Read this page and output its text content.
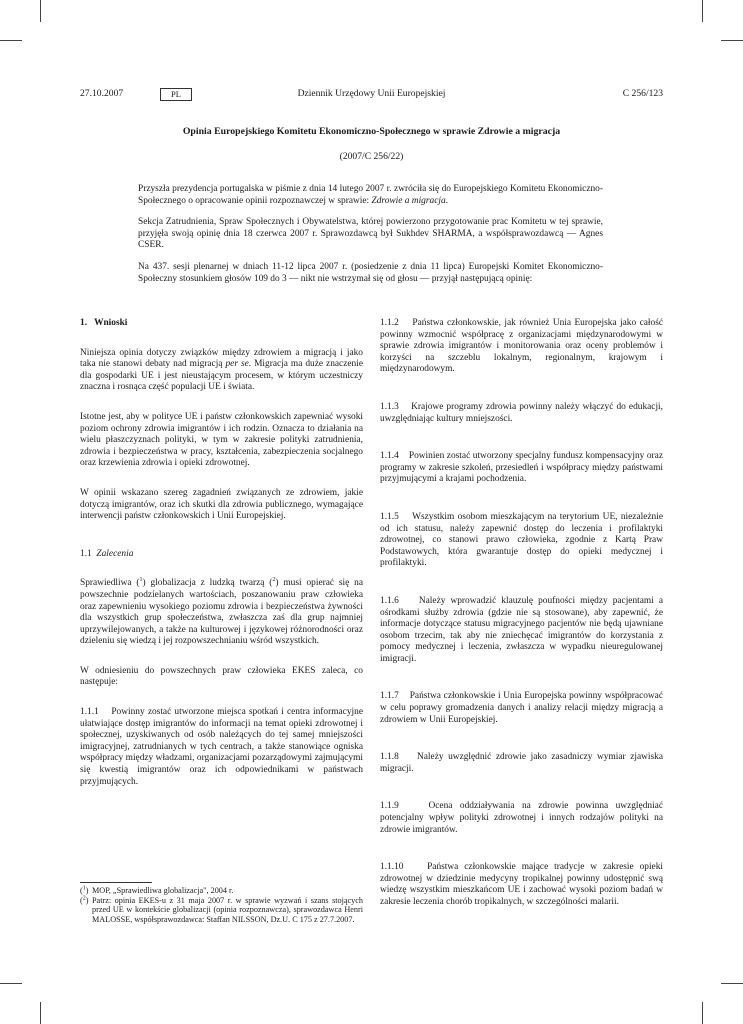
27.10.2007	PL	Dziennik Urzędowy Unii Europejskiej	C 256/123
Opinia Europejskiego Komitetu Ekonomiczno-Społecznego w sprawie Zdrowie a migracja
(2007/C 256/22)

Przyszła prezydencja portugalska w piśmie z dnia 14 lutego 2007 r. zwróciła się do Europejskiego Komitetu Ekonomiczno-Społecznego o opracowanie opinii rozpoznawczej w sprawie: Zdrowie a migracja.

Sekcja Zatrudnienia, Spraw Społecznych i Obywatelstwa, której powierzono przygotowanie prac Komitetu w tej sprawie, przyjęła swoją opinię dnia 18 czerwca 2007 r. Sprawozdawcą był Sukhdev SHARMA, a współsprawozdawcą — Agnes CSER.

Na 437. sesji plenarnej w dniach 11-12 lipca 2007 r. (posiedzenie z dnia 11 lipca) Europejski Komitet Ekonomiczno-Społeczny stosunkiem głosów 109 do 3 — nikt nie wstrzymał się od głosu — przyjął następującą opinię:

1. Wnioski

Niniejsza opinia dotyczy związków między zdrowiem a migracją i jako taka nie stanowi debaty nad migracją per se. Migracja ma duże znaczenie dla gospodarki UE i jest nieustającym procesem, w którym uczestniczy znaczna i rosnąca część populacji UE i świata.

Istotne jest, aby w polityce UE i państw członkowskich zapewniać wysoki poziom ochrony zdrowia imigrantów i ich rodzin. Oznacza to działania na wielu płaszczyznach polityki, w tym w zakresie polityki zatrudnienia, zdrowia i bezpieczeństwa w pracy, kształcenia, zabezpieczenia socjalnego oraz krzewienia zdrowia i opieki zdrowotnej.

W opinii wskazano szereg zagadnień związanych ze zdrowiem, jakie dotyczą imigrantów, oraz ich skutki dla zdrowia publicznego, wymagające interwencji państw członkowskich i Unii Europejskiej.

1.1 Zalecenia

Sprawiedliwa ($^1$) globalizacja z ludzką twarzą ($^2$) musi opierać się na powszechnie podzielanych wartościach, poszanowaniu praw człowieka oraz zapewnieniu wysokiego poziomu zdrowia i bezpieczeństwa żywności dla wszystkich grup społeczeństwa, zwłaszcza zaś dla grup najmniej uprzywilejowanych, a także na kulturowej i językowej różnorodności oraz dzieleniu się wiedzą i jej rozpowszechnianiu wśród wszystkich.

W odniesieniu do powszechnych praw człowieka EKES zaleca, co następuje:

1.1.1 Powinny zostać utworzone miejsca spotkań i centra informacyjne ułatwiające dostęp imigrantów do informacji na temat opieki zdrowotnej i społecznej, uzyskiwanych od osób należących do tej samej mniejszości imigracyjnej, zatrudnianych w tych centrach, a także stanowiące ogniska współpracy między władzami, organizacjami pozarządowymi zajmującymi się kwestią imigrantów oraz ich odpowiednikami w państwach przyjmujących.

($^1$) MOP, „Sprawiedliwa globalizacja", 2004 r.
($^2$) Patrz: opinia EKES-u z 31 maja 2007 r. w sprawie wyzwań i szans stojących przed UE w kontekście globalizacji (opinia rozpoznawcza), sprawozdawca Henri MALOSSE, współsprawozdawca: Staffan NILSSON, Dz.U. C 175 z 27.7.2007.

1.1.2 Państwa członkowskie, jak również Unia Europejska jako całość powinny wzmocnić współpracę z organizacjami międzynarodowymi w sprawie zdrowia imigrantów i monitorowania oraz oceny problemów i korzyści na szczeblu lokalnym, regionalnym, krajowym i międzynarodowym.

1.1.3 Krajowe programy zdrowia powinny należy włączyć do edukacji, uwzględniając kultury mniejszości.

1.1.4 Powinien zostać utworzony specjalny fundusz kompensacyjny oraz programy w zakresie szkoleń, przesiedleń i współpracy między państwami przyjmującymi a krajami pochodzenia.

1.1.5 Wszystkim osobom mieszkającym na terytorium UE, niezależnie od ich statusu, należy zapewnić dostęp do leczenia i profilaktyki zdrowotnej, co stanowi prawo człowieka, zgodnie z Kartą Praw Podstawowych, która gwarantuje dostęp do opieki medycznej i profilaktyki.

1.1.6 Należy wprowadzić klauzulę poufności między pacjentami a ośrodkami służby zdrowia (gdzie nie są stosowane), aby zapewnić, że informacje dotyczące statusu migracyjnego pacjentów nie będą ujawniane osobom trzecim, tak aby nie zniechęcać imigrantów do korzystania z pomocy medycznej i leczenia, zwłaszcza w wypadku nieuregulowanej imigracji.

1.1.7 Państwa członkowskie i Unia Europejska powinny współpracować w celu poprawy gromadzenia danych i analizy relacji między migracją a zdrowiem w Unii Europejskiej.

1.1.8 Należy uwzględnić zdrowie jako zasadniczy wymiar zjawiska migracji.

1.1.9	Ocena oddziaływania na zdrowie powinna uwzględniać potencjalny wpływ polityki zdrowotnej i innych rodzajów polityki na zdrowie imigrantów.

1.1.10	Państwa członkowskie mające tradycje w zakresie opieki zdrowotnej w dziedzinie medycyny tropikalnej powinny udostępnić swą wiedzę wszystkim mieszkańcom UE i zachować wysoki poziom badań w zakresie leczenia chorób tropikalnych, w szczególności malarii.
